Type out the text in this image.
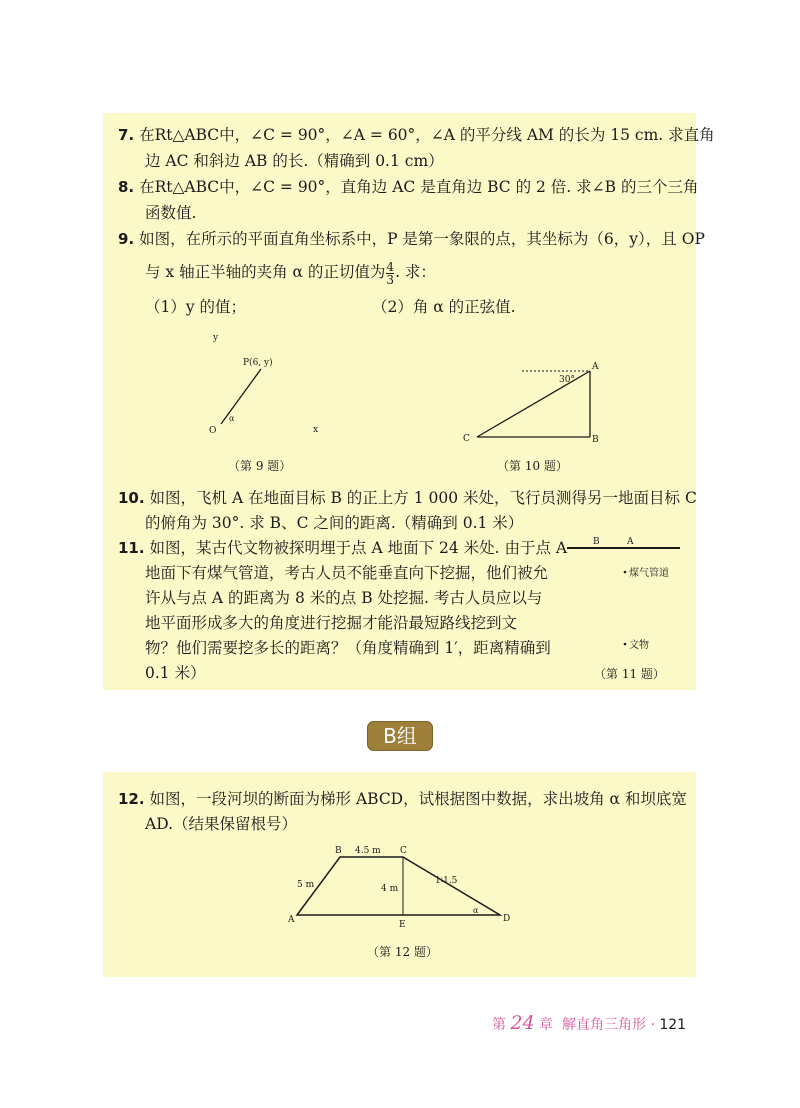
7. 在Rt△ABC中，∠C = 90°，∠A = 60°，∠A 的平分线 AM 的长为 15 cm. 求直角
边 AC 和斜边 AB 的长.（精确到 0.1 cm）
8. 在Rt△ABC中，∠C = 90°，直角边 AC 是直角边 BC 的 2 倍. 求∠B 的三个三角
函数值.
9. 如图，在所示的平面直角坐标系中，P 是第一象限的点，其坐标为（6，y），且 OP
与 x 轴正半轴的夹角 α 的正切值为 $\frac{4}{3}$ . 求：
（1）y 的值；	（2）角 α 的正弦值.
y
P(6, y)
O
α
x
（第 9 题）
A
B
C
30°
（第 10 题）
10. 如图，飞机 A 在地面目标 B 的正上方 1 000 米处，飞行员测得另一地面目标 C
的俯角为 30°. 求 B、C 之间的距离.（精确到 0.1 米）
11. 如图，某古代文物被探明埋于点 A 地面下 24 米处. 由于点 A
地面下有煤气管道，考古人员不能垂直向下挖掘，他们被允
许从与点 A 的距离为 8 米的点 B 处挖掘. 考古人员应以与
地平面形成多大的角度进行挖掘才能沿最短路线挖到文
物？他们需要挖多长的距离？（角度精确到 1′，距离精确到
0.1 米）
B	A
煤气管道
文物
（第 11 题）
B组
12. 如图，一段河坝的断面为梯形 ABCD，试根据图中数据，求出坡角 α 和坝底宽
AD.（结果保留根号）
B	C
A	D
E
4.5 m
5 m	4 m
1∶1.5
α
（第 12 题）
第 24 章 解直角三角形 · 121
